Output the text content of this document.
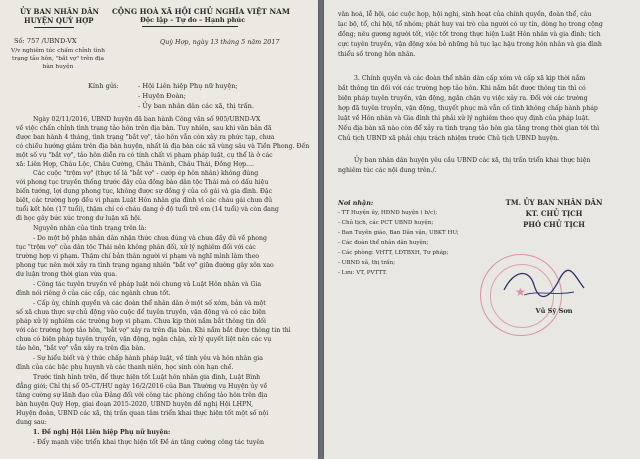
ỦY BAN NHÂN DÂN
HUYỆN QUỲ HỢP
CỘNG HOÀ XÃ HỘI CHỦ NGHĨA VIỆT NAM
Độc lập – Tự do – Hạnh phúc
Số: 757 /UBND-VX
V/v nghiêm túc chấm chỉnh tình
trạng tảo hôn, "bắt vợ" trên địa
bàn huyện
Quỳ Hợp, ngày 13 tháng 5 năm 2017
Kính gửi:	- Hội Liên hiệp Phụ nữ huyện;
- Huyện Đoàn;
- Ủy ban nhân dân các xã, thị trấn.
Ngày 02/11/2016, UBND huyện đã ban hành Công văn số 905/UBND-VX
về việc chấn chỉnh tình trạng tảo hôn trên địa bàn. Tuy nhiên, sau khi văn bản đã
được ban hành 4 tháng, tình trạng "bắt vợ", tảo hôn vẫn còn xảy ra phức tạp, chưa
có chiều hướng giảm trên địa bàn huyện, nhất là địa bàn các xã vùng sâu và Tiền Phong. Đến
một số vụ "bắt vợ", tảo hôn diễn ra có tính chất vi phạm pháp luật, cụ thể là ở các
xã: Liên Hợp, Châu Lộc, Châu Cường, Châu Thành, Châu Thái, Đồng Hợp....
Các cuộc "trộm vợ" (thực tế là "bắt vợ" - cướp ép hôn nhân) không đúng
với phong tục truyền thống trước đây của đồng bào dân tộc Thái mà có dấu hiệu
biến tướng, lợi dụng phong tục, không được sự đồng ý của cô gái và gia đình. Đặc
biệt, các trường hợp đều vi phạm Luật Hôn nhân gia đình vì các cháu gái chưa đủ
tuổi kết hôn (17 tuổi), thậm chí có cháu đang ở độ tuổi trẻ em (14 tuổi) và còn đang
đi học gây bức xúc trong dư luận xã hội.
Nguyên nhân của tình trạng trên là:
- Do một bộ phận nhân dân nhận thức chưa đúng và chưa đầy đủ về phong
tục "trộm vợ" của dân tộc Thái nên không phân đối, xử lý nghiêm đối với các
trường hợp vi phạm. Thậm chí bản thân người vi phạm và nghĩ mình làm theo
phong tục nên mới xảy ra tình trạng ngang nhiên "bắt vợ" giữa đường gây xôn xao
dư luận trong thời gian vừa qua.
- Công tác tuyên truyền về pháp luật nói chung và Luật Hôn nhân và Gia
đình nói riêng ở của các cấp, các ngành chưa tốt.
- Cấp ủy, chính quyền và các đoàn thể nhân dân ở một số xóm, bản và một
số xã chưa thực sự chủ động vào cuộc để tuyên truyền, vận động và có các biện
pháp xử lý nghiêm các trường hợp vi phạm. Chưa kịp thời nắm bắt thông tin đối
với các trường hợp tảo hôn, "bắt vợ" xảy ra trên địa bàn. Khi nắm bắt được thông tin thì
chưa có biện pháp tuyên truyền, vận động, ngăn chặn, xử lý quyết liệt nên các vụ
tảo hôn, "bắt vợ" vẫn xảy ra trên địa bàn.
- Sự hiểu biết và ý thức chấp hành pháp luật, về tính yêu và hôn nhân gia
đình của các bậc phụ huynh và các thanh niên, học sinh còn hạn chế.
Trước tình hình trên, để thực hiện tốt Luật hôn nhân gia đình, Luật Bình
đẳng giới; Chỉ thị số 05-CT/HU ngày 16/2/2016 của Ban Thường vụ Huyện ủy về
tăng cường sự lãnh đạo của Đảng đối với công tác phòng chống tảo hôn trên địa
bàn huyện Quỳ Hợp, giai đoạn 2015-2020, UBND huyện đề nghị Hội LHPN,
Huyện đoàn, UBND các xã, thị trấn quan tâm triển khai thực hiện tốt một số nội
dung sau:
1. Đề nghị Hội Liên hiệp Phụ nữ huyện:
- Đẩy mạnh việc triển khai thực hiện tốt Đề án tăng cường công tác tuyên
văn hoá, lễ hội, các cuộc họp, hội nghị, sinh hoạt của chính quyền, đoàn thể, câu
lạc bộ, tổ, chi hội, tổ nhóm; phát huy vai trò của người có uy tín, dòng họ trong cộng
đồng; nêu gương người tốt, việc tốt trong thực hiện Luật Hôn nhân và gia đình; tích
cực tuyên truyền, vận động xóa bỏ những hủ tục lạc hậu trong hôn nhân và gia đình
thiểu số trong hôn nhân.
3. Chính quyền và các đoàn thể nhân dân cấp xóm và cấp xã kịp thời nắm
bắt thông tin đối với các trường hợp tảo hôn. Khi nắm bắt được thông tin thì có
biện pháp tuyên truyền, vận động, ngăn chặn vụ việc xảy ra. Đối với các trường
hợp đã tuyên truyền, vận động, thuyết phục mà vẫn cố tình không chấp hành pháp
luật về Hôn nhân và Gia đình thì phải xử lý nghiêm theo quy định của pháp luật.
Nếu địa bàn xã nào còn để xảy ra tình trạng tảo hôn gia tăng trong thời gian tới thì
Chủ tịch UBND xã phải chịu trách nhiệm trước Chủ tịch UBND huyện.
Ủy ban nhân dân huyện yêu cầu UBND các xã, thị trấn triển khai thực hiện
nghiêm túc các nội dung trên./.
Nơi nhận:
- TT Huyện ủy, HĐND huyện ( b/c);
- Chủ tịch, các PCT UBND huyện;
- Ban Tuyên giáo, Ban Dân vận, UBKT HU;
- Các đoàn thể nhân dân huyện;
- Các phòng: VHTT, LĐTBXH, Tư pháp;
- UBND xã, thị trấn;
- Lưu: VT, PVTTT.
★
TM. ỦY BAN NHÂN DÂN
KT. CHỦ TỊCH
PHÓ CHỦ TỊCH
Vũ Sỹ Sơn
